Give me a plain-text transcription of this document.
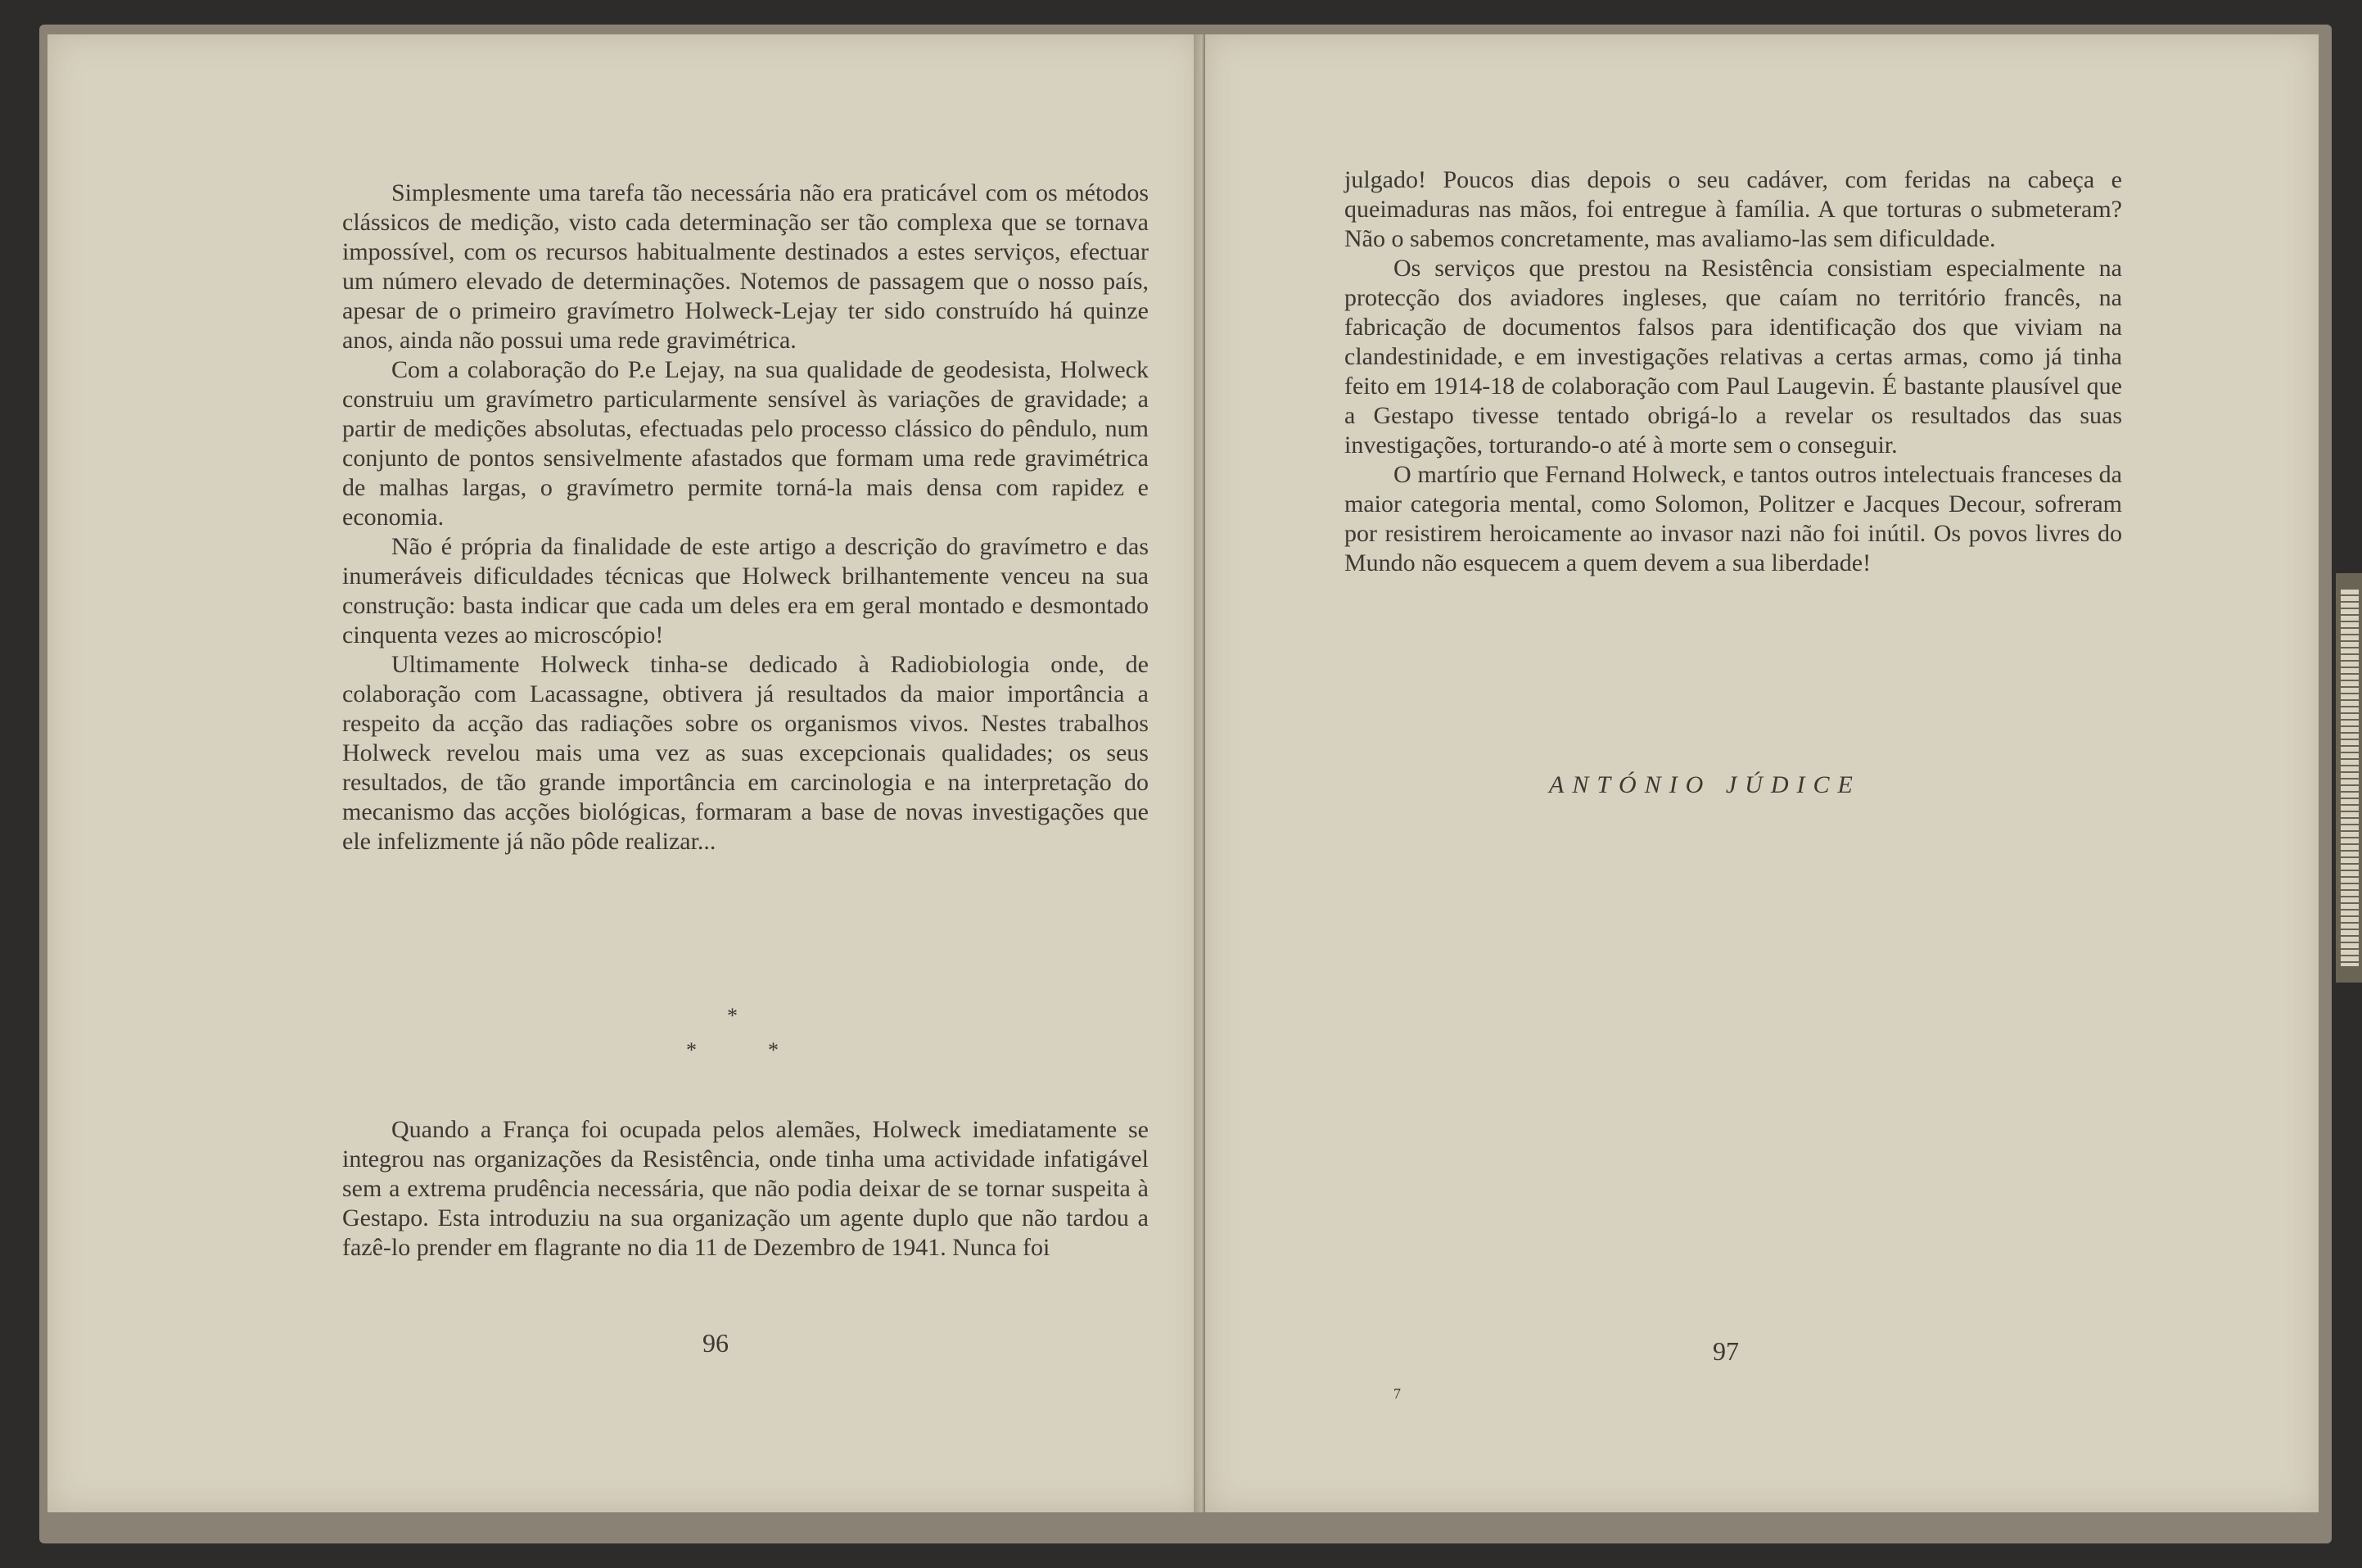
Simplesmente uma tarefa tão necessária não era praticável com os métodos clássicos de medição, visto cada determinação ser tão complexa que se tornava impossível, com os recursos habitualmente destinados a estes serviços, efectuar um número elevado de determinações. Notemos de passagem que o nosso país, apesar de o primeiro gravímetro Holweck-Lejay ter sido construído há quinze anos, ainda não possui uma rede gravimétrica.

Com a colaboração do P.e Lejay, na sua qualidade de geodesista, Holweck construiu um gravímetro particularmente sensível às variações de gravidade; a partir de medições absolutas, efectuadas pelo processo clássico do pêndulo, num conjunto de pontos sensivelmente afastados que formam uma rede gravimétrica de malhas largas, o gravímetro permite torná-la mais densa com rapidez e economia.

Não é própria da finalidade de este artigo a descrição do gravímetro e das inumeráveis dificuldades técnicas que Holweck brilhantemente venceu na sua construção: basta indicar que cada um deles era em geral montado e desmontado cinquenta vezes ao microscópio!

Ultimamente Holweck tinha-se dedicado à Radiobiologia onde, de colaboração com Lacassagne, obtivera já resultados da maior importância a respeito da acção das radiações sobre os organismos vivos. Nestes trabalhos Holweck revelou mais uma vez as suas excepcionais qualidades; os seus resultados, de tão grande importância em carcinologia e na interpretação do mecanismo das acções biológicas, formaram a base de novas investigações que ele infelizmente já não pôde realizar...

*
*	*

Quando a França foi ocupada pelos alemães, Holweck imediatamente se integrou nas organizações da Resistência, onde tinha uma actividade infatigável sem a extrema prudência necessária, que não podia deixar de se tornar suspeita à Gestapo. Esta introduziu na sua organização um agente duplo que não tardou a fazê-lo prender em flagrante no dia 11 de Dezembro de 1941. Nunca foi

96

julgado! Poucos dias depois o seu cadáver, com feridas na cabeça e queimaduras nas mãos, foi entregue à família. A que torturas o submeteram? Não o sabemos concretamente, mas avaliamo-las sem dificuldade.

Os serviços que prestou na Resistência consistiam especialmente na protecção dos aviadores ingleses, que caíam no território francês, na fabricação de documentos falsos para identificação dos que viviam na clandestinidade, e em investigações relativas a certas armas, como já tinha feito em 1914-18 de colaboração com Paul Laugevin. É bastante plausível que a Gestapo tivesse tentado obrigá-lo a revelar os resultados das suas investigações, torturando-o até à morte sem o conseguir.

O martírio que Fernand Holweck, e tantos outros intelectuais franceses da maior categoria mental, como Solomon, Politzer e Jacques Decour, sofreram por resistirem heroicamente ao invasor nazi não foi inútil. Os povos livres do Mundo não esquecem a quem devem a sua liberdade!

ANTÓNIO JÚDICE
97
7
